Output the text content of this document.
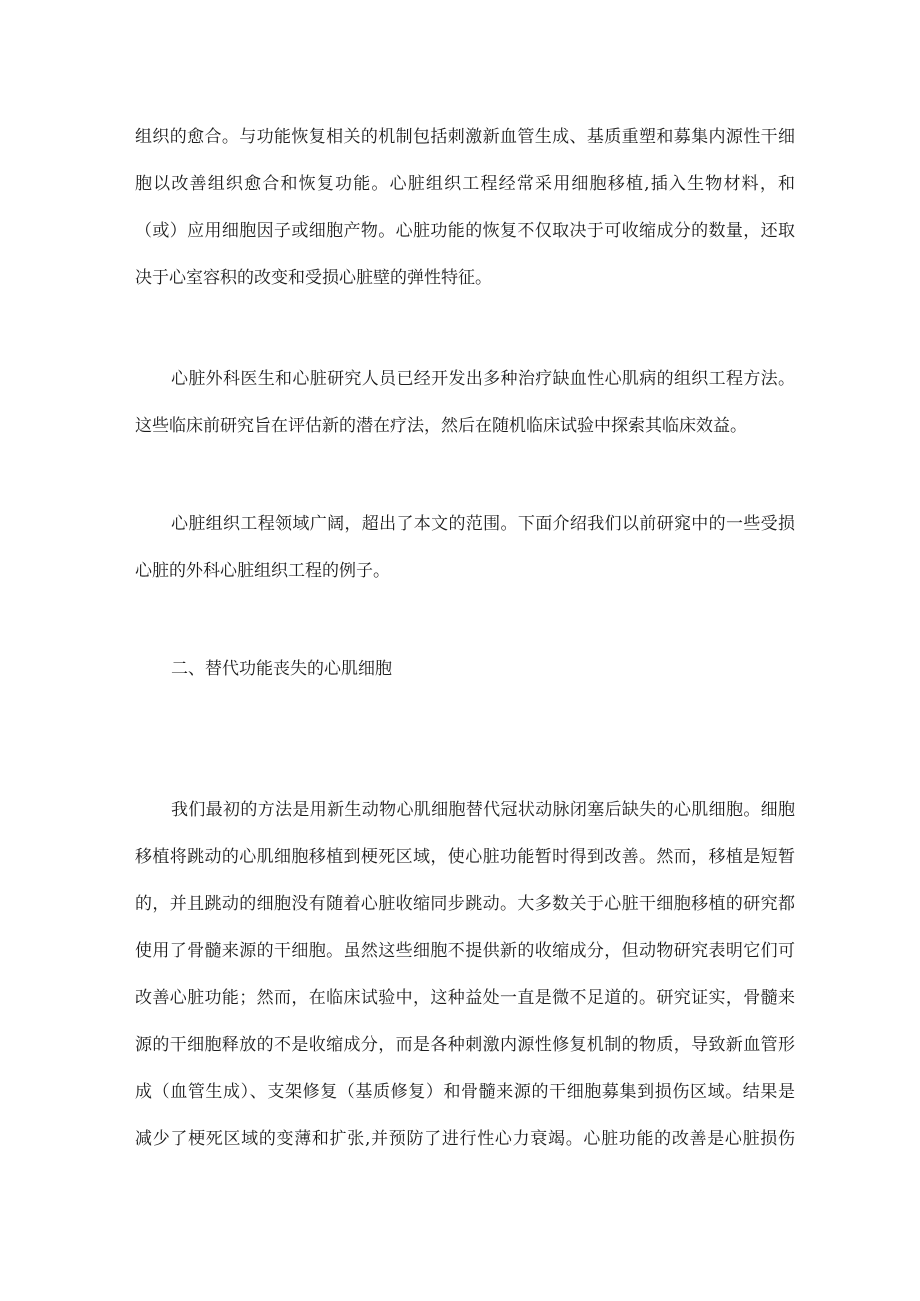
组织的愈合。与功能恢复相关的机制包括刺激新血管生成、基质重塑和募集内源性干细
胞以改善组织愈合和恢复功能。心脏组织工程经常采用细胞移植,插入生物材料，和
（或）应用细胞因子或细胞产物。心脏功能的恢复不仅取决于可收缩成分的数量，还取
决于心室容积的改变和受损心脏壁的弹性特征。
心脏外科医生和心脏研究人员已经开发出多种治疗缺血性心肌病的组织工程方法。
这些临床前研究旨在评估新的潜在疗法，然后在随机临床试验中探索其临床效益。
心脏组织工程领域广阔，超出了本文的范围。下面介绍我们以前研窕中的一些受损
心脏的外科心脏组织工程的例子。
二、替代功能丧失的心肌细胞
我们最初的方法是用新生动物心肌细胞替代冠状动脉闭塞后缺失的心肌细胞。细胞
移植将跳动的心肌细胞移植到梗死区域，使心脏功能暂时得到改善。然而，移植是短暂
的，并且跳动的细胞没有随着心脏收缩同步跳动。大多数关于心脏干细胞移植的研究都
使用了骨髓来源的干细胞。虽然这些细胞不提供新的收缩成分，但动物研究表明它们可
改善心脏功能；然而，在临床试验中，这种益处一直是微不足道的。研究证实，骨髓来
源的干细胞释放的不是收缩成分，而是各种刺激内源性修复机制的物质，导致新血管形
成（血管生成）、支架修复（基质修复）和骨髓来源的干细胞募集到损伤区域。结果是
减少了梗死区域的变薄和扩张,并预防了进行性心力衰竭。心脏功能的改善是心脏损伤
